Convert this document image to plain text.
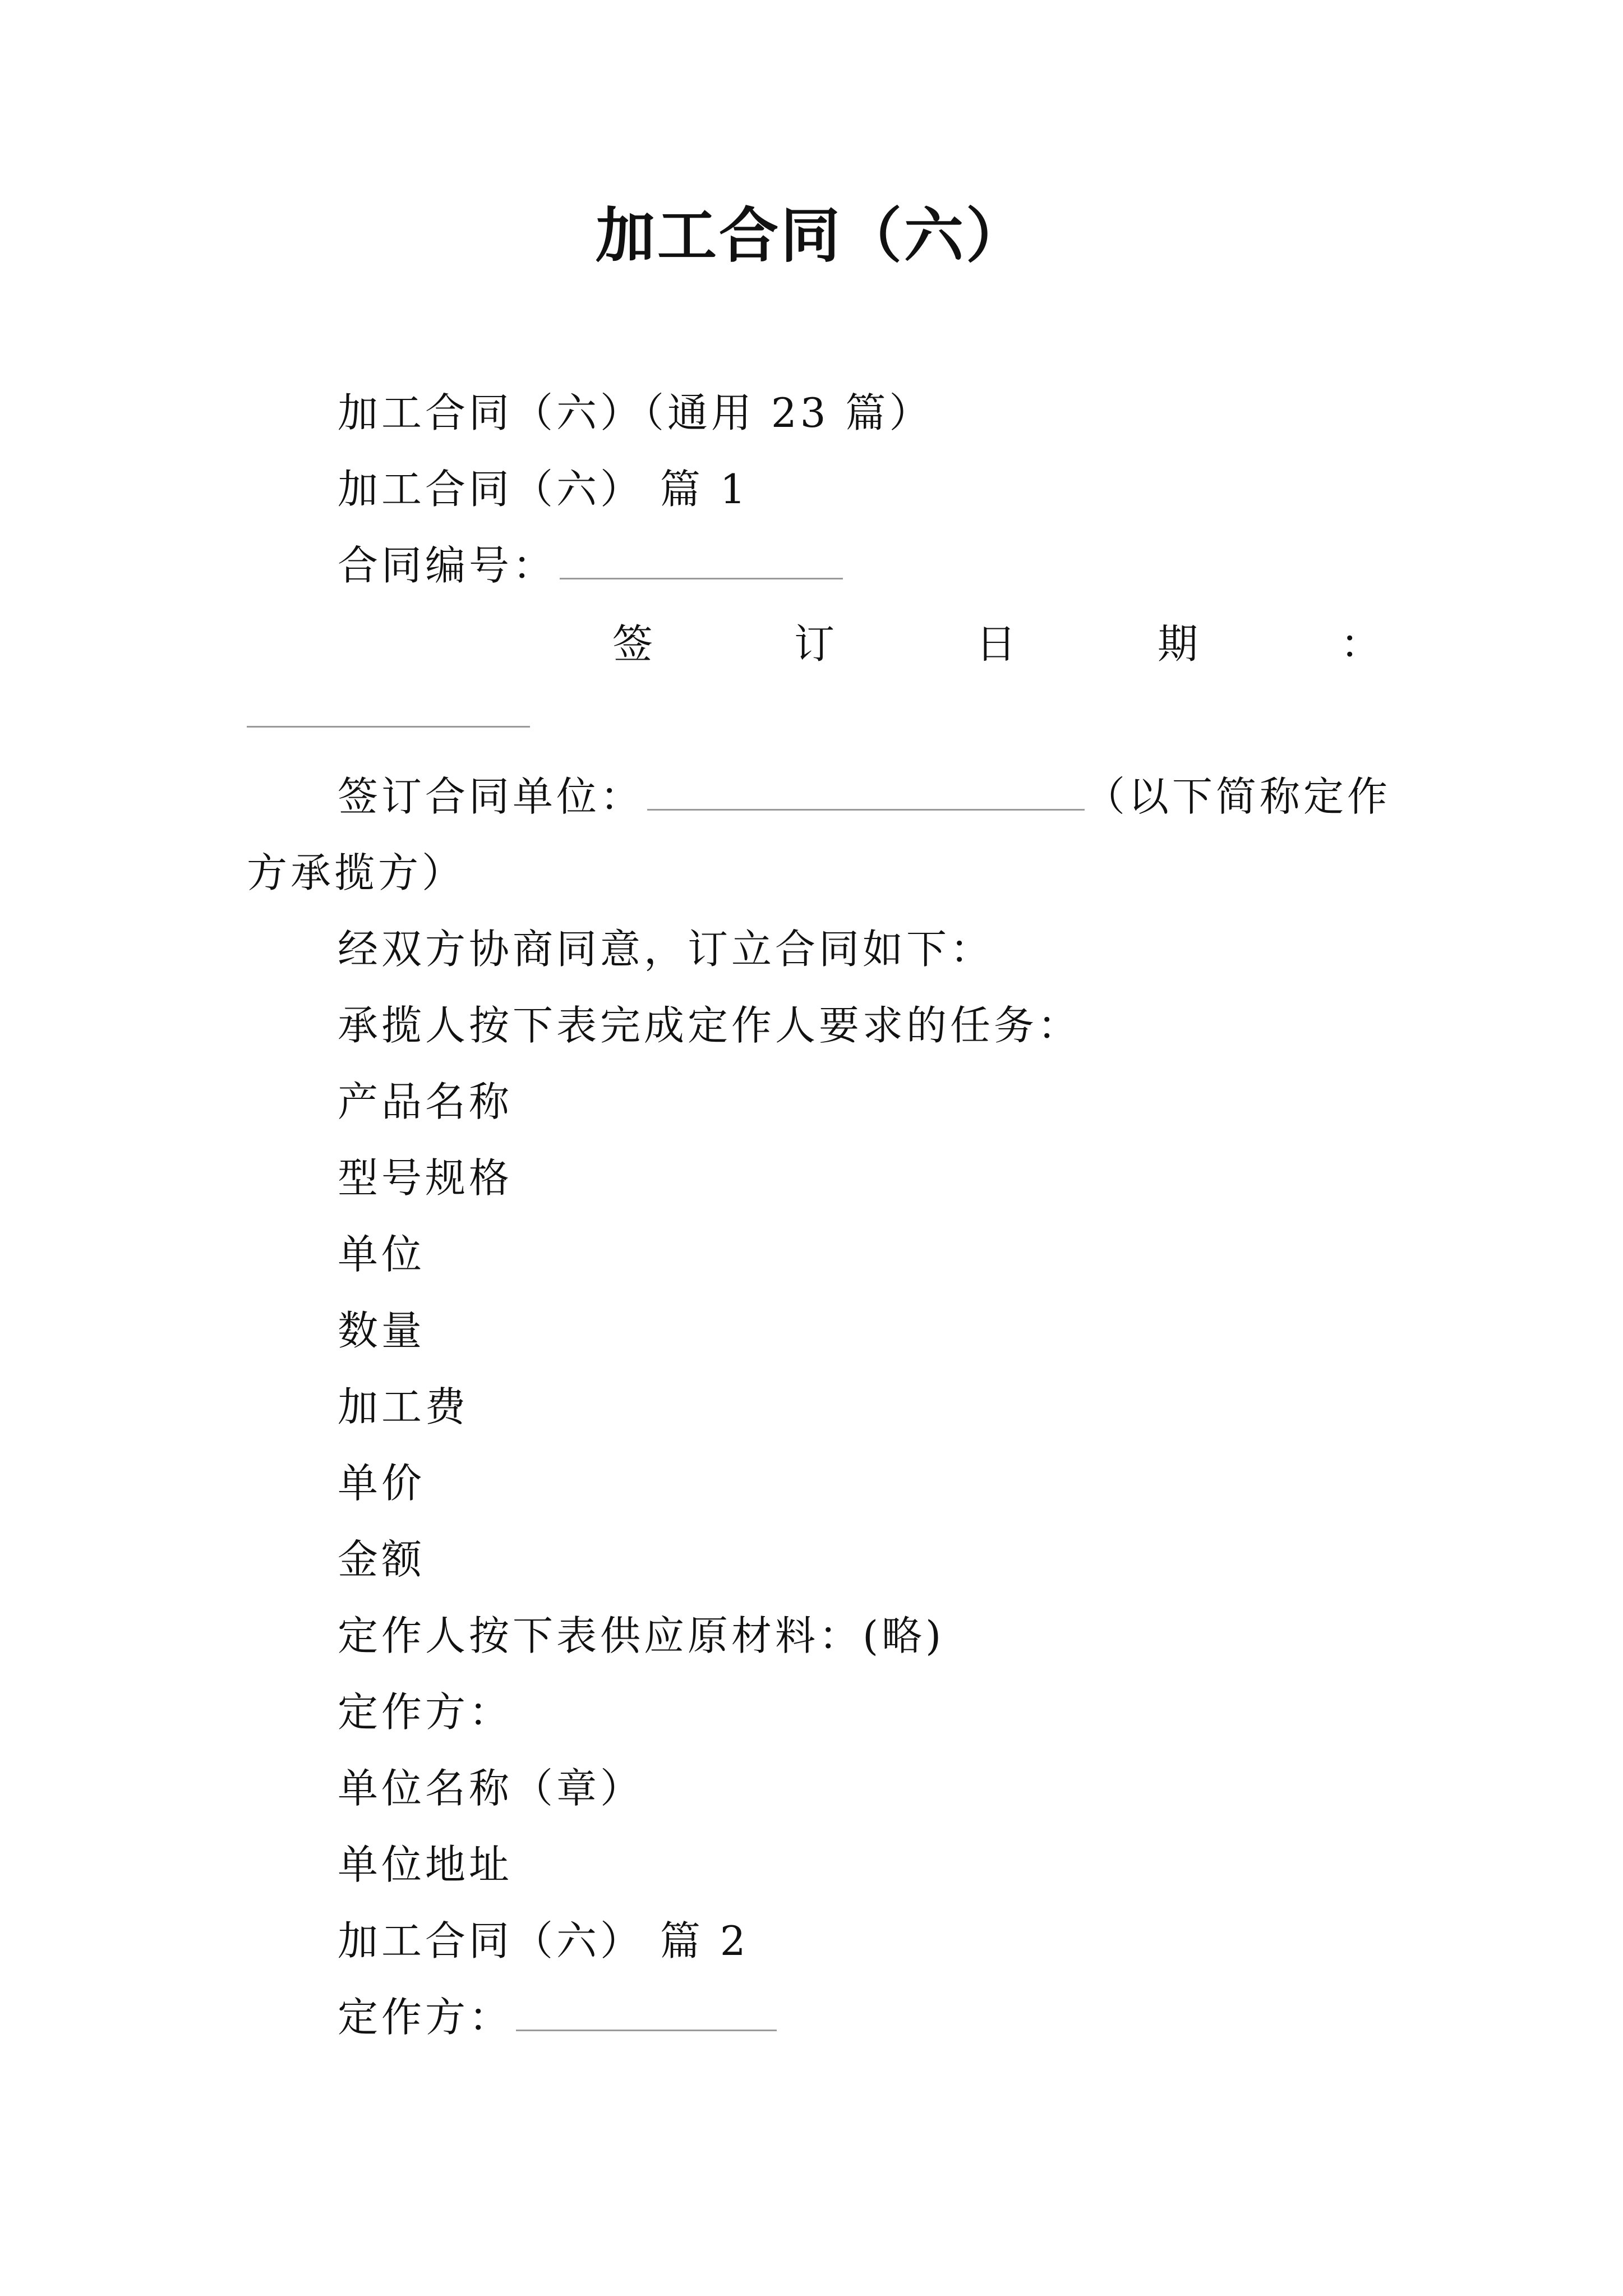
加工合同（六）
加工合同（六）（通用 23 篇）
加工合同（六） 篇 1
合同编号：
签	订	日	期	：
签订合同单位：	（以下简称定作
方承揽方）
经双方协商同意，订立合同如下：
承揽人按下表完成定作人要求的任务：
产品名称
型号规格
单位
数量
加工费
单价
金额
定作人按下表供应原材料：(略)
定作方：
单位名称（章）
单位地址
加工合同（六） 篇 2
定作方：
